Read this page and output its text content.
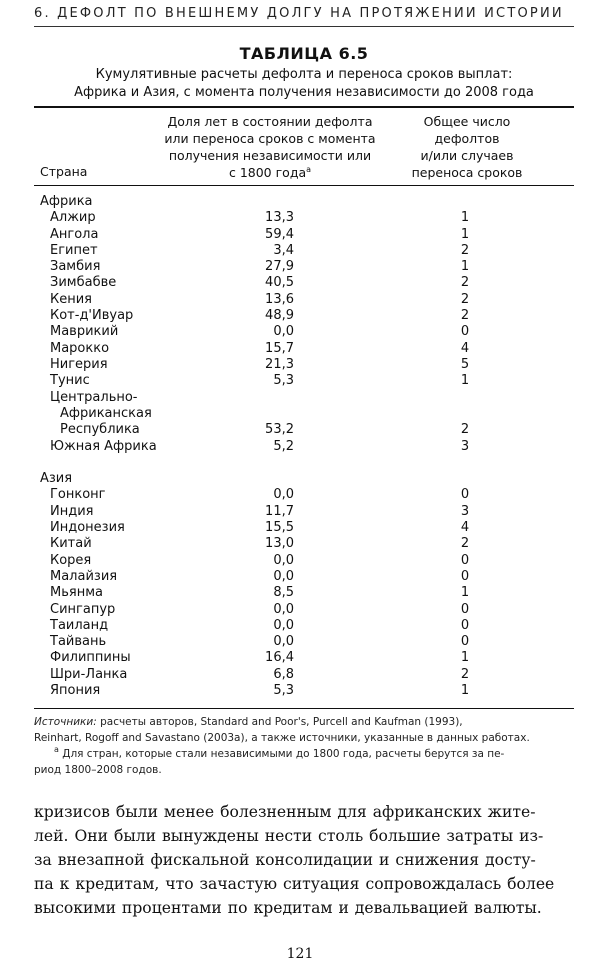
6. ДЕФОЛТ ПО ВНЕШНЕМУ ДОЛГУ НА ПРОТЯЖЕНИИ ИСТОРИИ
ТАБЛИЦА 6.5
Кумулятивные расчеты дефолта и переноса сроков выплат:
Африка и Азия, с момента получения независимости до 2008 года
Страна
Доля лет в состоянии дефолта
или переноса сроков с момента
получения независимости или
с 1800 года$^a$
Общее число
дефолтов
и/или случаев
переноса сроков
Африка
Алжир	13,3	1
Ангола	59,4	1
Египет	3,4	2
Замбия	27,9	1
Зимбабве	40,5	2
Кения	13,6	2
Кот-д'Ивуар	48,9	2
Маврикий	0,0	0
Марокко	15,7	4
Нигерия	21,3	5
Тунис	5,3	1
Центрально-
Африканская
Республика	53,2	2
Южная Африка	5,2	3
Азия
Гонконг	0,0	0
Индия	11,7	3
Индонезия	15,5	4
Китай	13,0	2
Корея	0,0	0
Малайзия	0,0	0
Мьянма	8,5	1
Сингапур	0,0	0
Таиланд	0,0	0
Тайвань	0,0	0
Филиппины	16,4	1
Шри-Ланка	6,8	2
Япония	5,3	1
Источники: расчеты авторов, Standard and Poor's, Purcell and Kaufman (1993),
Reinhart, Rogoff and Savastano (2003a), а также источники, указанные в данных работах.
$^a$ Для стран, которые стали независимыми до 1800 года, расчеты берутся за пе-
риод 1800–2008 годов.

кризисов были менее болезненным для африканских жите-

лей. Они были вынуждены нести столь большие затраты из-

за внезапной фискальной консолидации и снижения досту-

па к кредитам, что зачастую ситуация сопровождалась более

высокими процентами по кредитам и девальвацией валюты.

121
